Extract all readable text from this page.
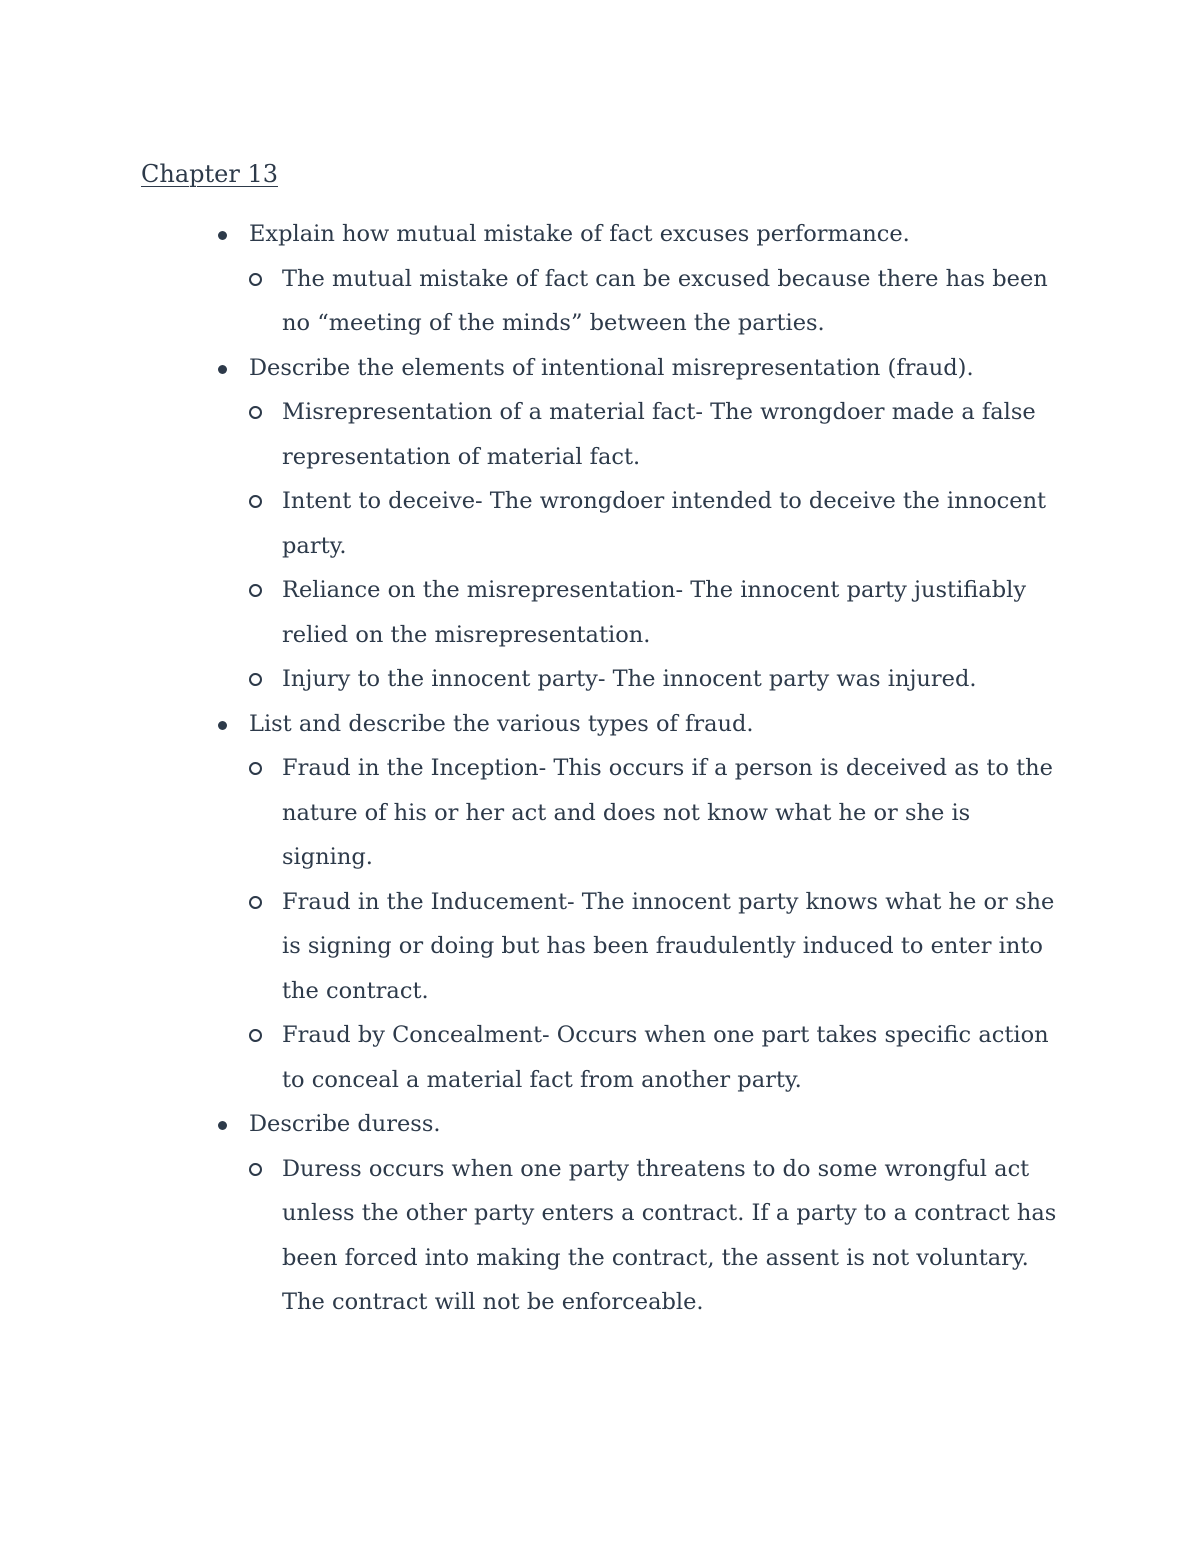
Chapter 13
Explain how mutual mistake of fact excuses performance.
The mutual mistake of fact can be excused because there has been no “meeting of the minds” between the parties.
Describe the elements of intentional misrepresentation (fraud).
Misrepresentation of a material fact- The wrongdoer made a false representation of material fact.
Intent to deceive- The wrongdoer intended to deceive the innocent party.
Reliance on the misrepresentation- The innocent party justifiably relied on the misrepresentation.
Injury to the innocent party- The innocent party was injured.
List and describe the various types of fraud.
Fraud in the Inception- This occurs if a person is deceived as to the nature of his or her act and does not know what he or she is signing.
Fraud in the Inducement- The innocent party knows what he or she is signing or doing but has been fraudulently induced to enter into the contract.
Fraud by Concealment- Occurs when one part takes specific action to conceal a material fact from another party.
Describe duress.
Duress occurs when one party threatens to do some wrongful act unless the other party enters a contract. If a party to a contract has been forced into making the contract, the assent is not voluntary. The contract will not be enforceable.
